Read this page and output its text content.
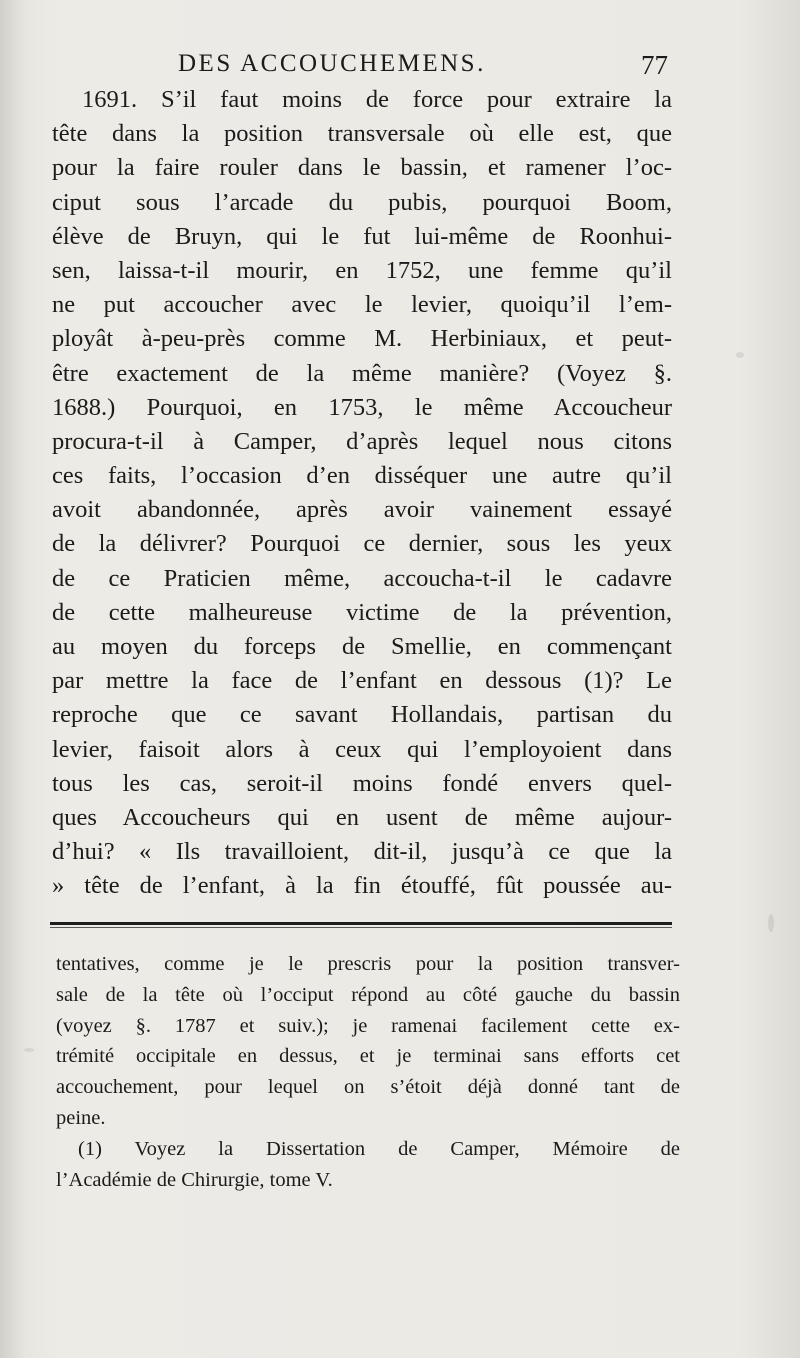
DES ACCOUCHEMENS.	77
1691. S’il faut moins de force pour extraire la
tête dans la position transversale où elle est, que
pour la faire rouler dans le bassin, et ramener l’oc-
ciput sous l’arcade du pubis, pourquoi Boom,
élève de Bruyn, qui le fut lui-même de Roonhui-
sen, laissa-t-il mourir, en 1752, une femme qu’il
ne put accoucher avec le levier, quoiqu’il l’em-
ployât à-peu-près comme M. Herbiniaux, et peut-
être exactement de la même manière? (Voyez §.
1688.) Pourquoi, en 1753, le même Accoucheur
procura-t-il à Camper, d’après lequel nous citons
ces faits, l’occasion d’en disséquer une autre qu’il
avoit abandonnée, après avoir vainement essayé
de la délivrer? Pourquoi ce dernier, sous les yeux
de ce Praticien même, accoucha-t-il le cadavre
de cette malheureuse victime de la prévention,
au moyen du forceps de Smellie, en commençant
par mettre la face de l’enfant en dessous (1)? Le
reproche que ce savant Hollandais, partisan du
levier, faisoit alors à ceux qui l’employoient dans
tous les cas, seroit-il moins fondé envers quel-
ques Accoucheurs qui en usent de même aujour-
d’hui? « Ils travailloient, dit-il, jusqu’à ce que la
» tête de l’enfant, à la fin étouffé, fût poussée au-
tentatives, comme je le prescris pour la position transver-
sale de la tête où l’occiput répond au côté gauche du bassin
(voyez §. 1787 et suiv.); je ramenai facilement cette ex-
trémité occipitale en dessus, et je terminai sans efforts cet
accouchement, pour lequel on s’étoit déjà donné tant de
peine.
(1) Voyez la Dissertation de Camper, Mémoire de
l’Académie de Chirurgie, tome V.
